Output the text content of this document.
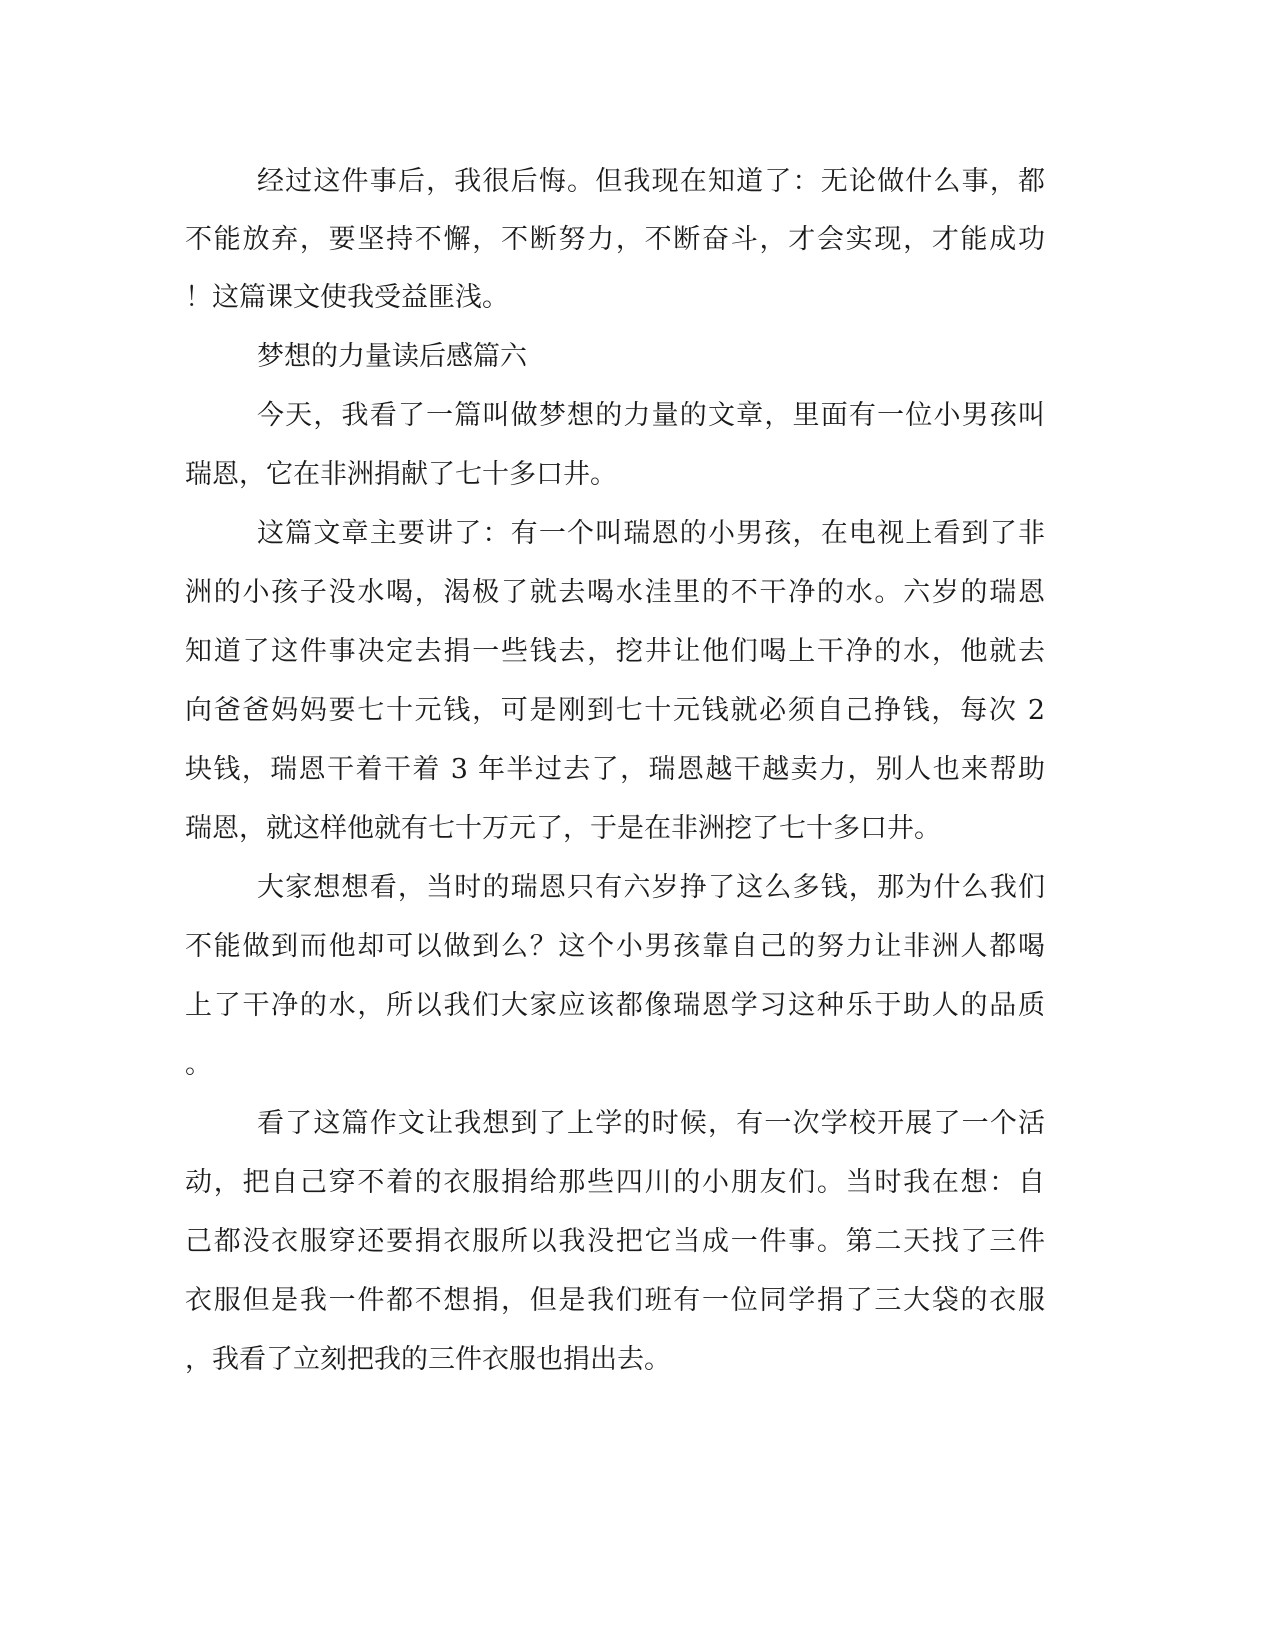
经过这件事后，我很后悔。但我现在知道了：无论做什么事，都
不能放弃，要坚持不懈，不断努力，不断奋斗，才会实现，才能成功
！这篇课文使我受益匪浅。
梦想的力量读后感篇六
今天，我看了一篇叫做梦想的力量的文章，里面有一位小男孩叫
瑞恩，它在非洲捐献了七十多口井。
这篇文章主要讲了：有一个叫瑞恩的小男孩，在电视上看到了非
洲的小孩子没水喝，渴极了就去喝水洼里的不干净的水。六岁的瑞恩
知道了这件事决定去捐一些钱去，挖井让他们喝上干净的水，他就去
向爸爸妈妈要七十元钱，可是刚到七十元钱就必须自己挣钱，每次 2
块钱，瑞恩干着干着 3 年半过去了，瑞恩越干越卖力，别人也来帮助
瑞恩，就这样他就有七十万元了，于是在非洲挖了七十多口井。
大家想想看，当时的瑞恩只有六岁挣了这么多钱，那为什么我们
不能做到而他却可以做到么？这个小男孩靠自己的努力让非洲人都喝
上了干净的水，所以我们大家应该都像瑞恩学习这种乐于助人的品质
。
看了这篇作文让我想到了上学的时候，有一次学校开展了一个活
动，把自己穿不着的衣服捐给那些四川的小朋友们。当时我在想：自
己都没衣服穿还要捐衣服所以我没把它当成一件事。第二天找了三件
衣服但是我一件都不想捐，但是我们班有一位同学捐了三大袋的衣服
，我看了立刻把我的三件衣服也捐出去。
